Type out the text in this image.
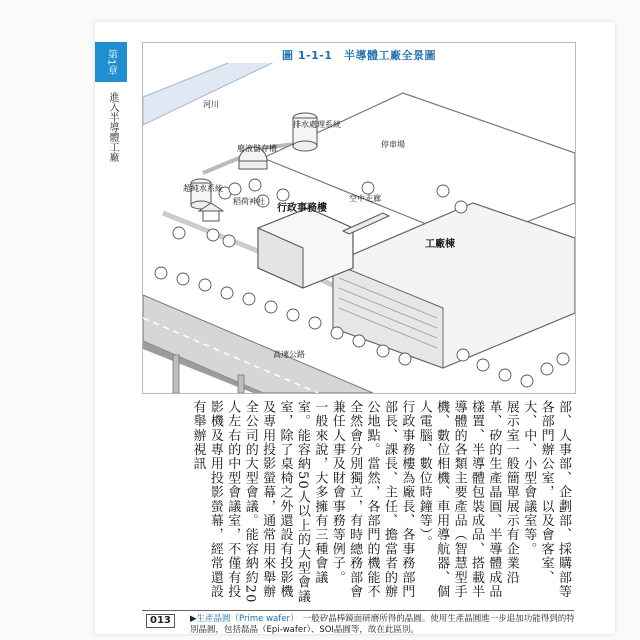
第1章
進入半導體工廠
圖 1-1-1　半導體工廠全景圖
河川
排水處理系統
廢液儲存槽
超純水系統
稻荷神社
行政事務樓
空中走廊
停車場
工廠棟
高速公路

部、人事部、企劃部、採購部等各部門辦公室，以及會客室、大、中、小型會議室等。

展示室一般簡單展示有企業沿革、矽的生產晶圓、半導體成品樣置、半導體包裝成品、搭載半導體的各類主要產品（智慧型手機、數位相機、車用導航器、個人電腦、數位時鐘等）。

行政事務樓為廠長、各事務部門部長、課長、主任、擔當者的辦公地點。當然，各部門的機能不全然會分別獨立，有時總務部會兼任人事及財會事務等例子。

一般來說，大多擁有三種會議室。能容納50人以上的大型會議室，除了桌椅之外還設有投影機及專用投影螢幕，通常用來舉辦全公司的大型會議。能容納約20人左右的中型會議室，不僅有投影機及專用投影螢幕，經常還設有舉辦視訊

013	▶生產晶圓（Prime wafer）　 一般矽晶棒鏡面研磨所得的晶圓。使用生產晶圓進一步追加功能得到的特別晶圓，包括磊晶（Epi-wafer）、SOI晶圓等，故在此區別。
